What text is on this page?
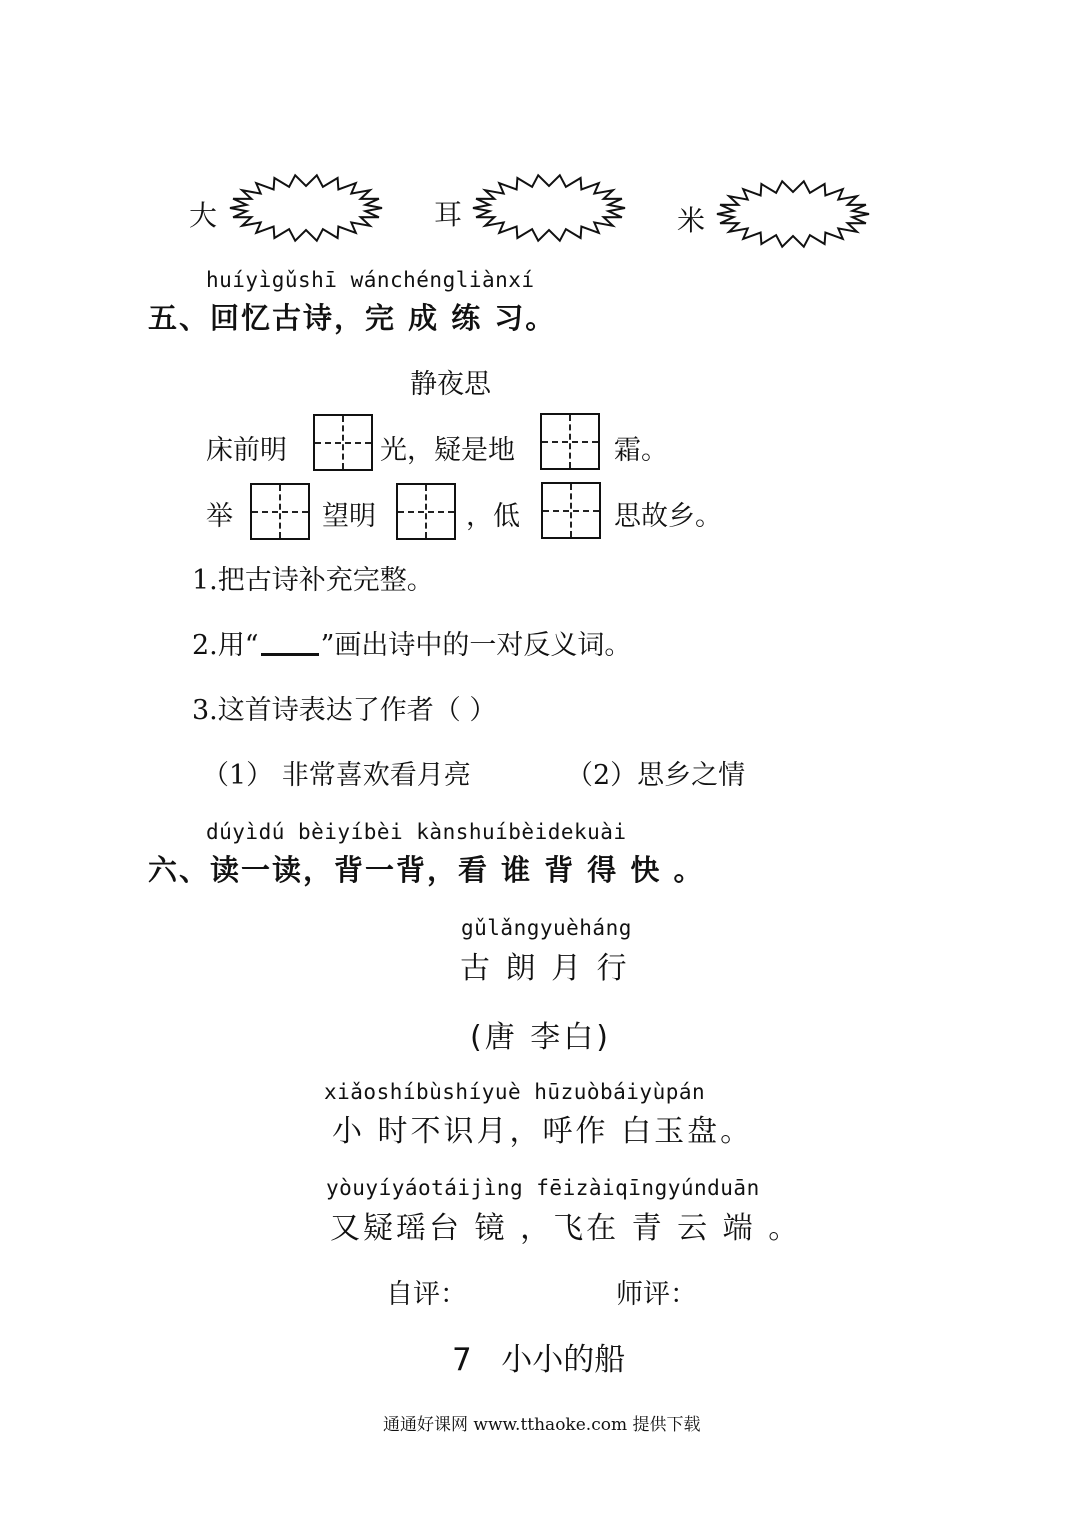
大	耳	米
huíyìgǔshī wánchéngliànxí
五、回忆古诗，完 成 练 习。
静夜思
床前明	光，疑是地	霜。
举	望明	，低	思故乡。
1.把古诗补充完整。
2.用“ ”画出诗中的一对反义词。
3.这首诗表达了作者（ ）
（1） 非常喜欢看月亮	（2）思乡之情
dúyìdú bèiyíbèi kànshuíbèidekuài
六、读一读，背一背，看 谁 背 得 快 。
gǔlǎngyuèháng
古 朗 月 行
(唐 李白)
xiǎoshíbùshíyuè hūzuòbáiyùpán
小 时不识月，呼作 白玉盘。
yòuyíyáotáijìng fēizàiqīngyúnduān
又疑瑶台 镜 ，飞在 青 云 端 。
自评：	师评：
7   小小的船
通通好课网 www.tthaoke.com 提供下载
